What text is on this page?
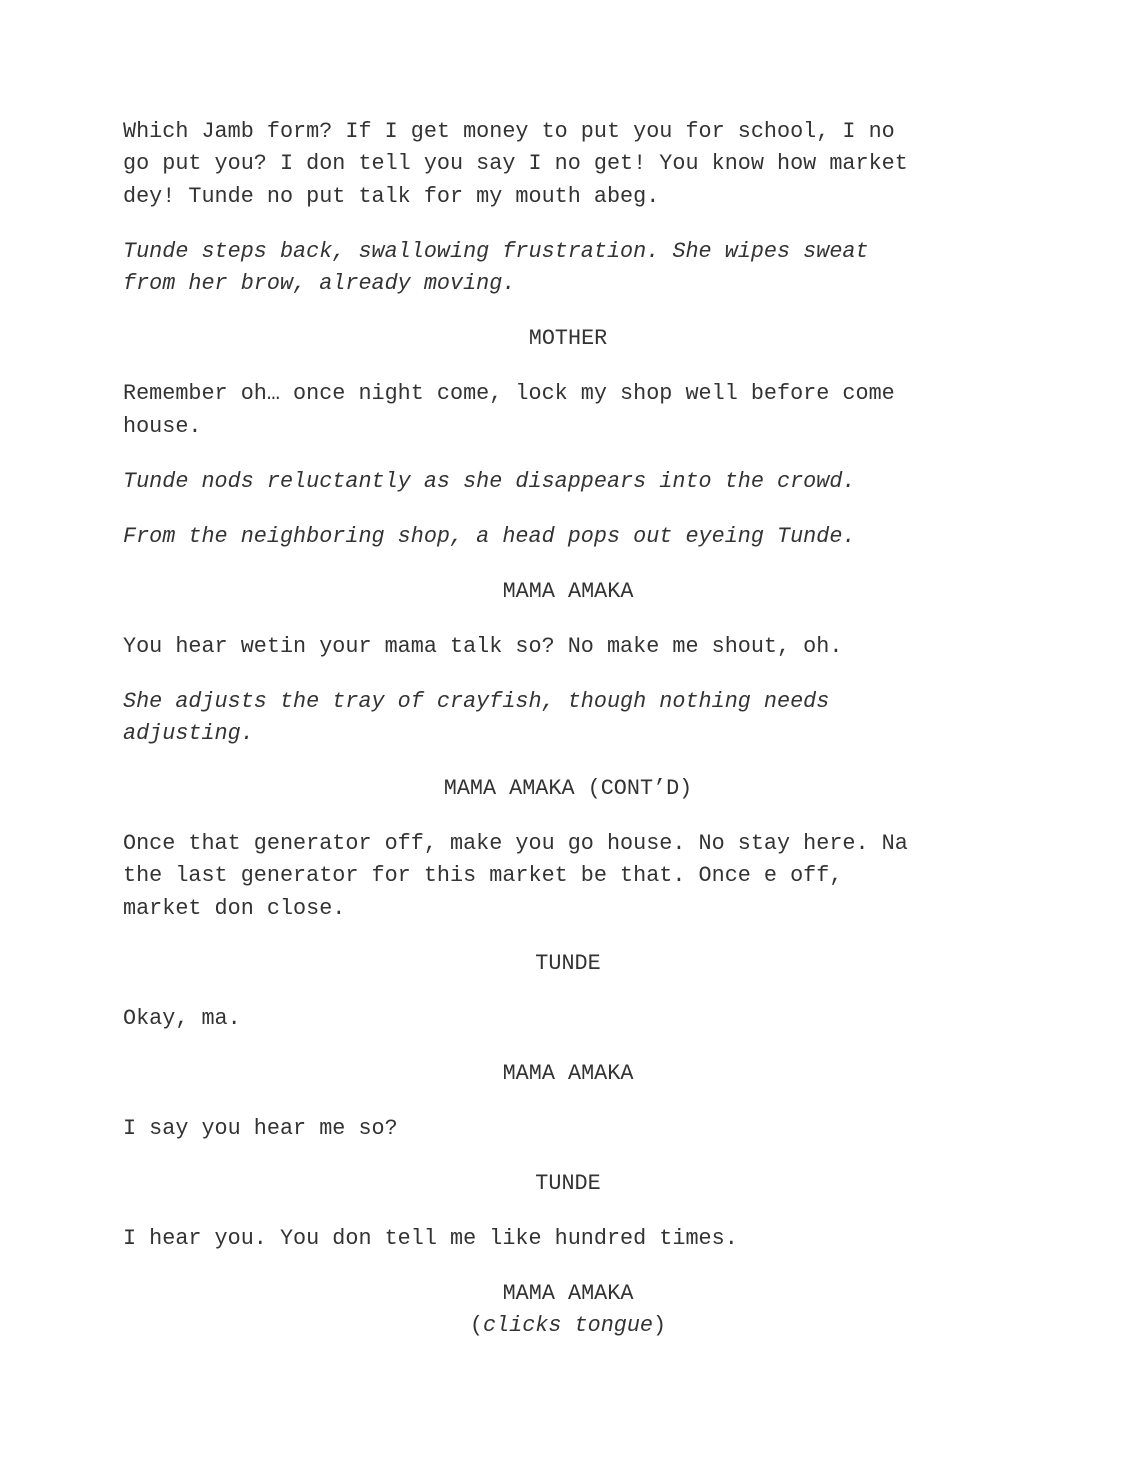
Which Jamb form? If I get money to put you for school, I no
go put you? I don tell you say I no get! You know how market
dey! Tunde no put talk for my mouth abeg.

Tunde steps back, swallowing frustration. She wipes sweat
from her brow, already moving.

MOTHER

Remember oh… once night come, lock my shop well before come
house.

Tunde nods reluctantly as she disappears into the crowd.

From the neighboring shop, a head pops out eyeing Tunde.

MAMA AMAKA

You hear wetin your mama talk so? No make me shout, oh.

She adjusts the tray of crayfish, though nothing needs
adjusting.

MAMA AMAKA (CONT’D)

Once that generator off, make you go house. No stay here. Na
the last generator for this market be that. Once e off,
market don close.

TUNDE

Okay, ma.

MAMA AMAKA

I say you hear me so?

TUNDE

I hear you. You don tell me like hundred times.

MAMA AMAKA

(clicks tongue)
